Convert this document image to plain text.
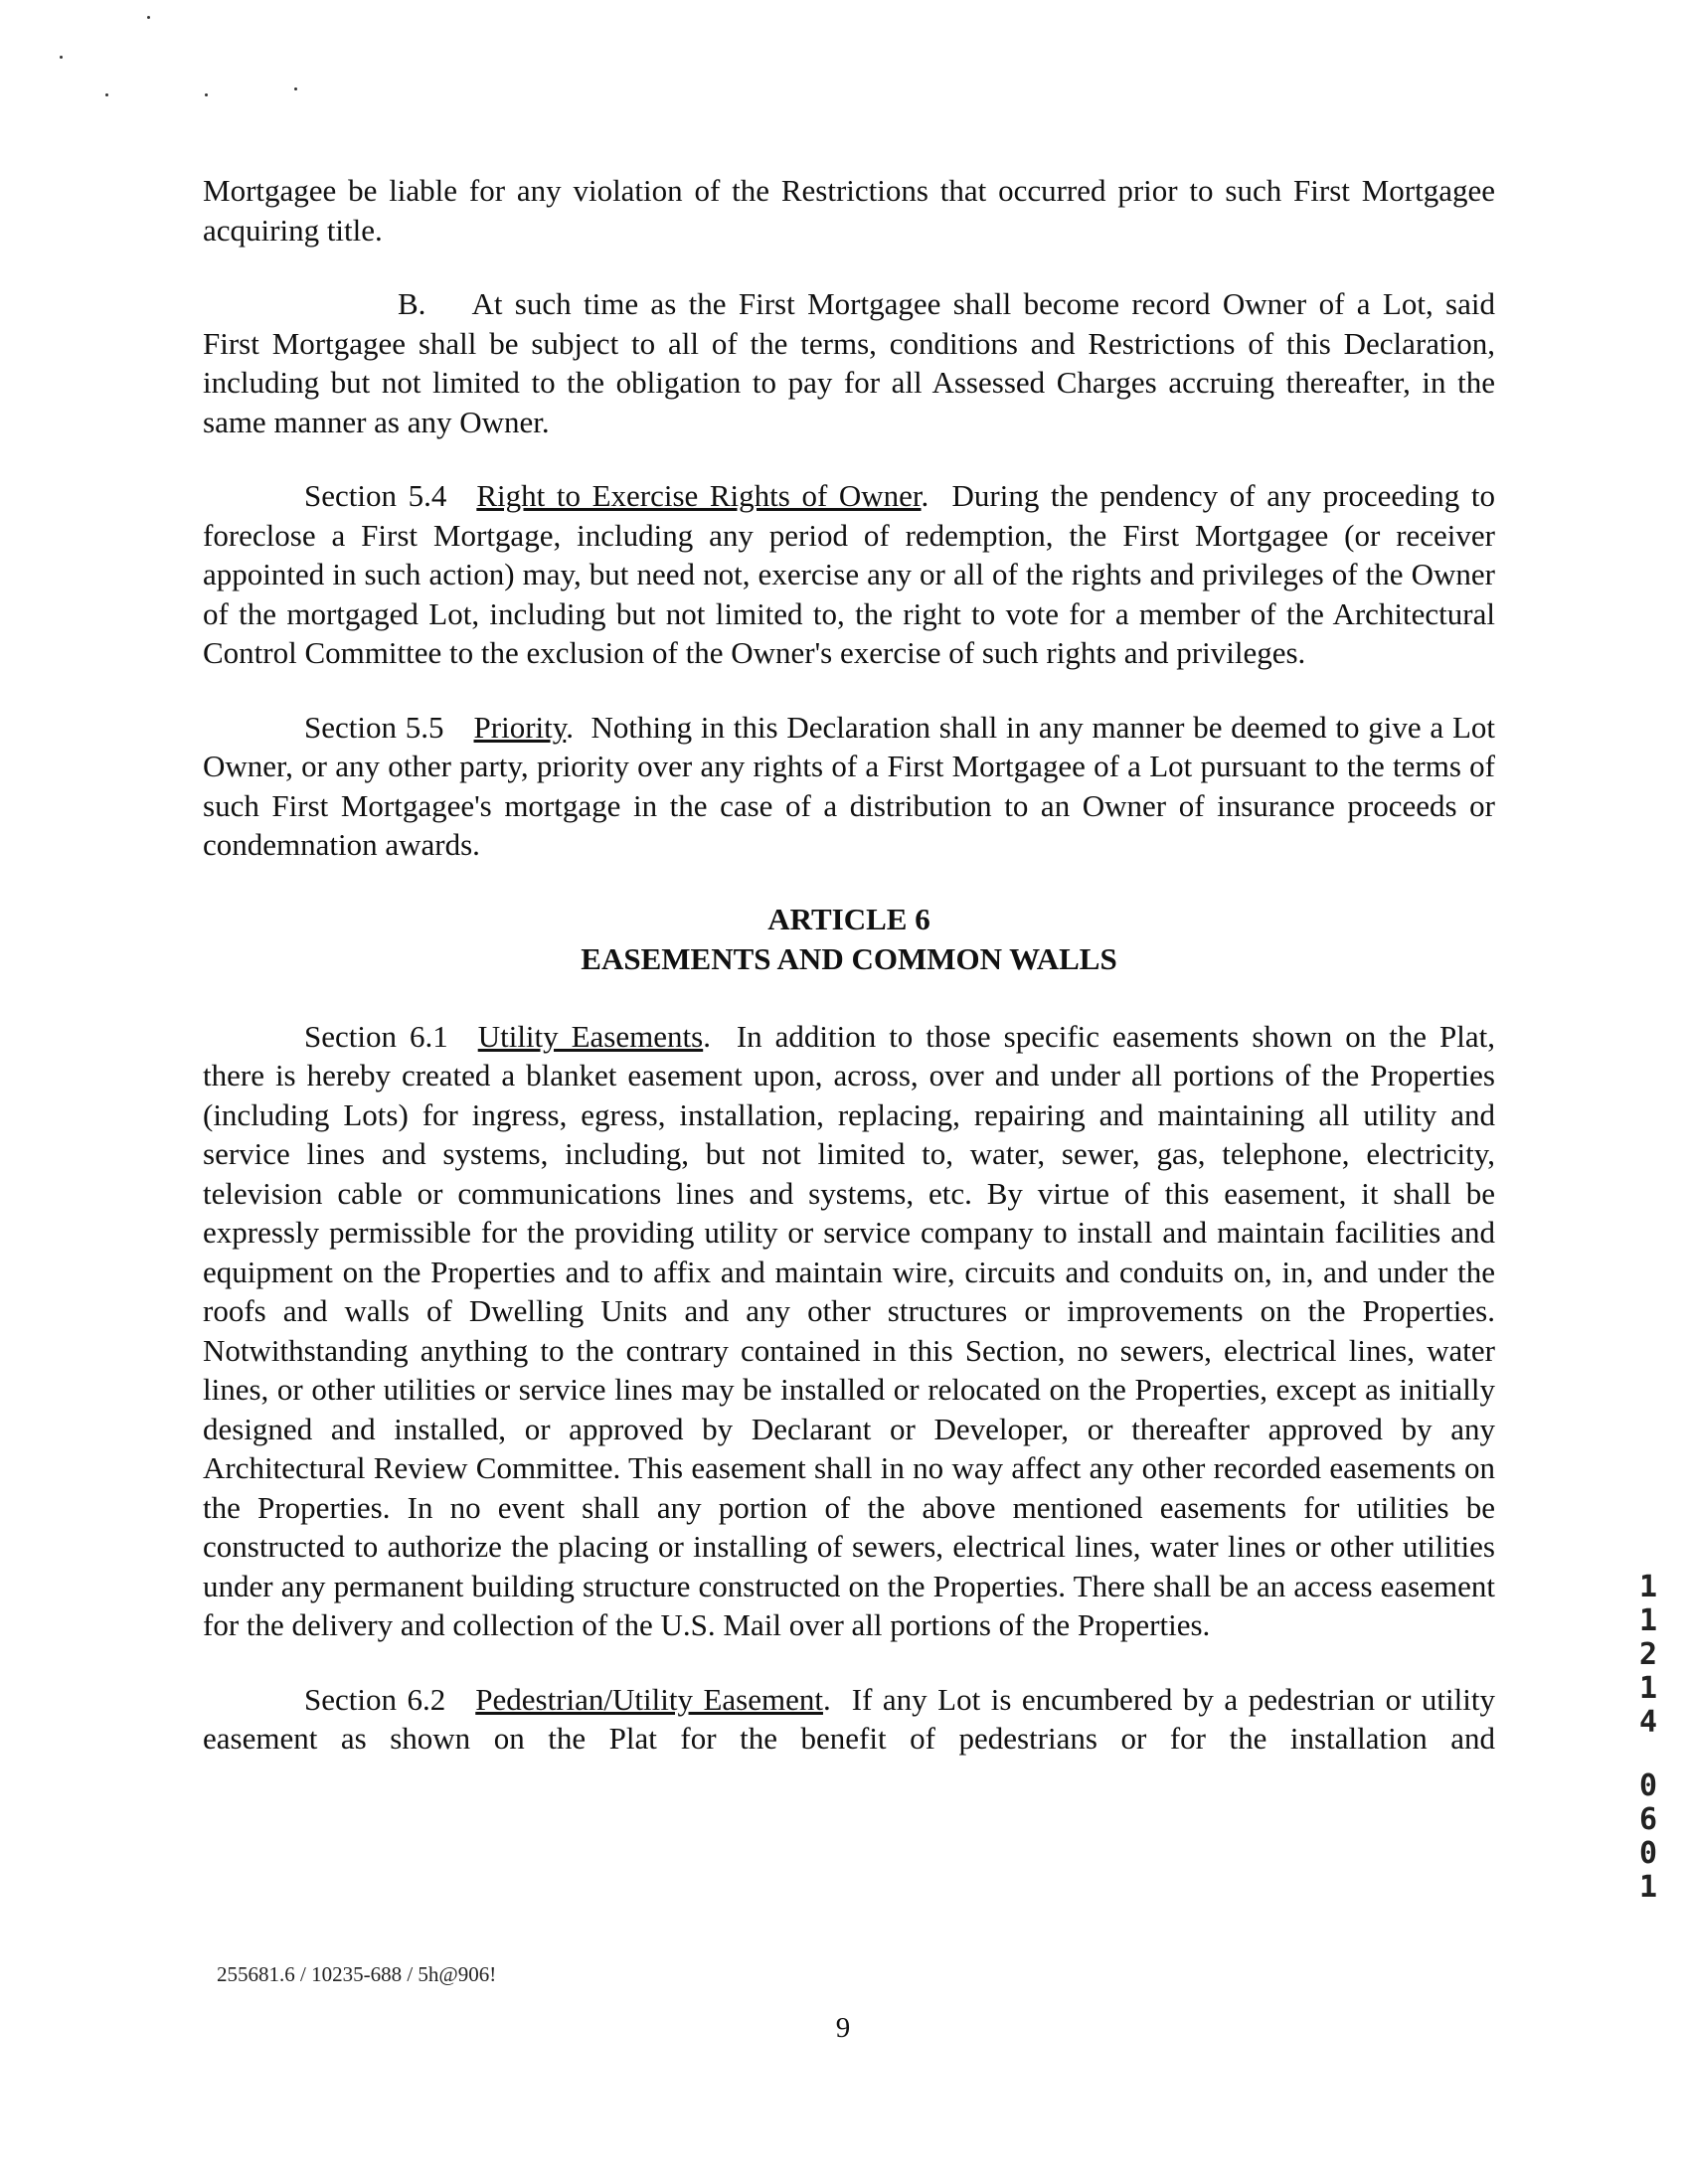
Mortgagee be liable for any violation of the Restrictions that occurred prior to such First Mortgagee acquiring title.

B. At such time as the First Mortgagee shall become record Owner of a Lot, said First Mortgagee shall be subject to all of the terms, conditions and Restrictions of this Declaration, including but not limited to the obligation to pay for all Assessed Charges accruing thereafter, in the same manner as any Owner.

Section 5.4 Right to Exercise Rights of Owner.  During the pendency of any proceeding to foreclose a First Mortgage, including any period of redemption, the First Mortgagee (or receiver appointed in such action) may, but need not, exercise any or all of the rights and privileges of the Owner of the mortgaged Lot, including but not limited to, the right to vote for a member of the Architectural Control Committee to the exclusion of the Owner's exercise of such rights and privileges.

Section 5.5 Priority.  Nothing in this Declaration shall in any manner be deemed to give a Lot Owner, or any other party, priority over any rights of a First Mortgagee of a Lot pursuant to the terms of such First Mortgagee's mortgage in the case of a distribution to an Owner of insurance proceeds or condemnation awards.

ARTICLE 6
EASEMENTS AND COMMON WALLS

Section 6.1 Utility Easements.  In addition to those specific easements shown on the Plat, there is hereby created a blanket easement upon, across, over and under all portions of the Properties (including Lots) for ingress, egress, installation, replacing, repairing and maintaining all utility and service lines and systems, including, but not limited to, water, sewer, gas, telephone, electricity, television cable or communications lines and systems, etc. By virtue of this easement, it shall be expressly permissible for the providing utility or service company to install and maintain facilities and equipment on the Properties and to affix and maintain wire, circuits and conduits on, in, and under the roofs and walls of Dwelling Units and any other structures or improvements on the Properties. Notwithstanding anything to the contrary contained in this Section, no sewers, electrical lines, water lines, or other utilities or service lines may be installed or relocated on the Properties, except as initially designed and installed, or approved by Declarant or Developer, or thereafter approved by any Architectural Review Committee. This easement shall in no way affect any other recorded easements on the Properties. In no event shall any portion of the above mentioned easements for utilities be constructed to authorize the placing or installing of sewers, electrical lines, water lines or other utilities under any permanent building structure constructed on the Properties. There shall be an access easement for the delivery and collection of the U.S. Mail over all portions of the Properties.

Section 6.2 Pedestrian/Utility Easement.  If any Lot is encumbered by a pedestrian or utility easement as shown on the Plat for the benefit of pedestrians or for the installation and

255681.6 / 10235-688 / 5h@906!
9
1
1
2
1
4
0
6
0
1
